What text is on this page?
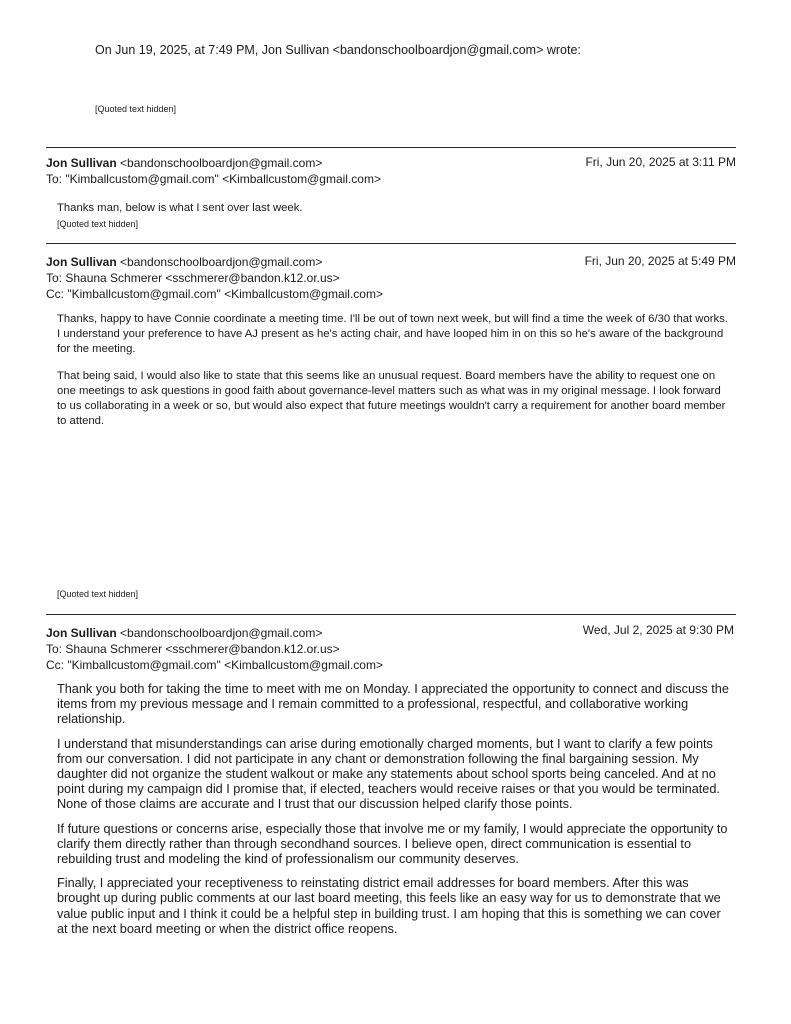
On Jun 19, 2025, at 7:49 PM, Jon Sullivan <bandonschoolboardjon@gmail.com> wrote:
[Quoted text hidden]
Jon Sullivan <bandonschoolboardjon@gmail.com>
To: "Kimballcustom@gmail.com" <Kimballcustom@gmail.com>
Fri, Jun 20, 2025 at 3:11 PM

Thanks man, below is what I sent over last week.

[Quoted text hidden]
Jon Sullivan <bandonschoolboardjon@gmail.com>
To: Shauna Schmerer <sschmerer@bandon.k12.or.us>
Cc: "Kimballcustom@gmail.com" <Kimballcustom@gmail.com>
Fri, Jun 20, 2025 at 5:49 PM

Thanks, happy to have Connie coordinate a meeting time. I'll be out of town next week, but will find a time the week of 6/30 that works. I understand your preference to have AJ present as he's acting chair, and have looped him in on this so he's aware of the background for the meeting.

That being said, I would also like to state that this seems like an unusual request. Board members have the ability to request one on one meetings to ask questions in good faith about governance-level matters such as what was in my original message. I look forward to us collaborating in a week or so, but would also expect that future meetings wouldn't carry a requirement for another board member to attend.

[Quoted text hidden]
Jon Sullivan <bandonschoolboardjon@gmail.com>
To: Shauna Schmerer <sschmerer@bandon.k12.or.us>
Cc: "Kimballcustom@gmail.com" <Kimballcustom@gmail.com>
Wed, Jul 2, 2025 at 9:30 PM

Thank you both for taking the time to meet with me on Monday. I appreciated the opportunity to connect and discuss the items from my previous message and I remain committed to a professional, respectful, and collaborative working relationship.

I understand that misunderstandings can arise during emotionally charged moments, but I want to clarify a few points from our conversation. I did not participate in any chant or demonstration following the final bargaining session. My daughter did not organize the student walkout or make any statements about school sports being canceled. And at no point during my campaign did I promise that, if elected, teachers would receive raises or that you would be terminated. None of those claims are accurate and I trust that our discussion helped clarify those points.

If future questions or concerns arise, especially those that involve me or my family, I would appreciate the opportunity to clarify them directly rather than through secondhand sources. I believe open, direct communication is essential to rebuilding trust and modeling the kind of professionalism our community deserves.

Finally, I appreciated your receptiveness to reinstating district email addresses for board members. After this was brought up during public comments at our last board meeting, this feels like an easy way for us to demonstrate that we value public input and I think it could be a helpful step in building trust. I am hoping that this is something we can cover at the next board meeting or when the district office reopens.
